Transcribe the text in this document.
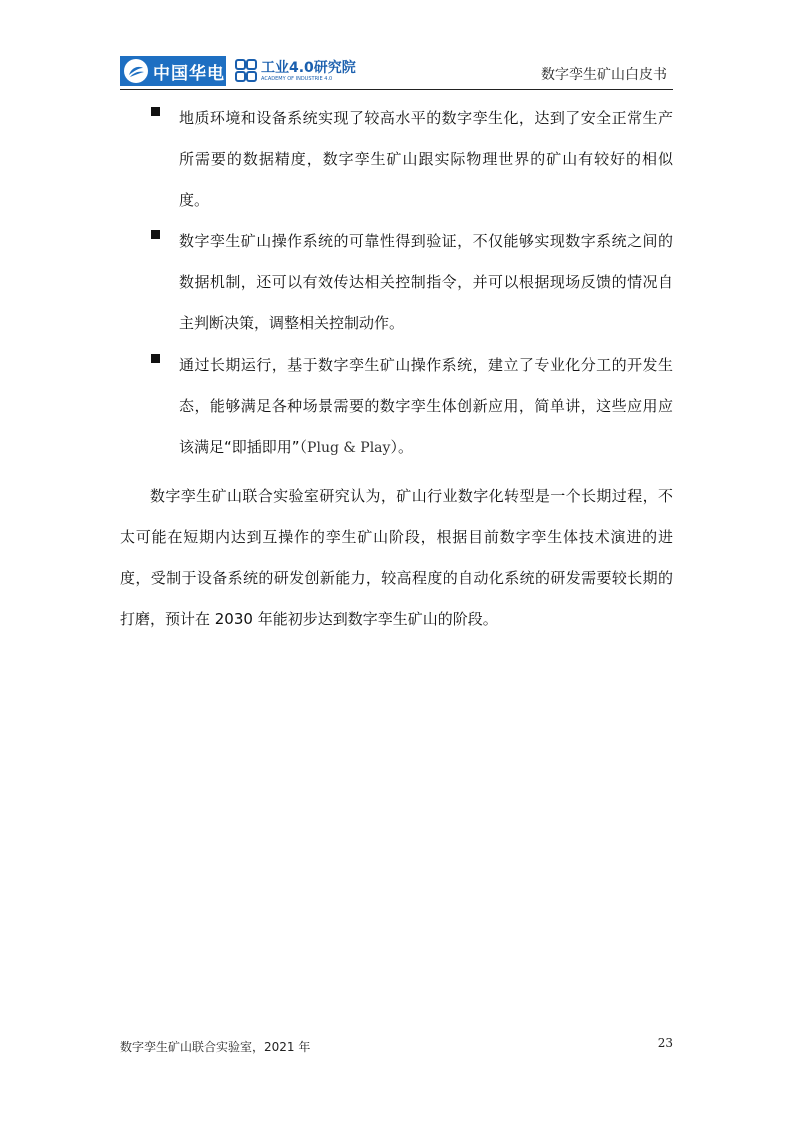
中国华电	工业4.0研究院
ACADEMY OF INDUSTRIE 4.0	数字孪生矿山白皮书
地质环境和设备系统实现了较高水平的数字孪生化，达到了安全正常生产所需要的数据精度，数字孪生矿山跟实际物理世界的矿山有较好的相似度。
数字孪生矿山操作系统的可靠性得到验证，不仅能够实现数字系统之间的数据机制，还可以有效传达相关控制指令，并可以根据现场反馈的情况自主判断决策，调整相关控制动作。
通过长期运行，基于数字孪生矿山操作系统，建立了专业化分工的开发生态，能够满足各种场景需要的数字孪生体创新应用，简单讲，这些应用应该满足“即插即用”（Plug & Play）。
数字孪生矿山联合实验室研究认为，矿山行业数字化转型是一个长期过程，不太可能在短期内达到互操作的孪生矿山阶段，根据目前数字孪生体技术演进的进度，受制于设备系统的研发创新能力，较高程度的自动化系统的研发需要较长期的打磨，预计在 2030 年能初步达到数字孪生矿山的阶段。
数字孪生矿山联合实验室，2021 年	23
